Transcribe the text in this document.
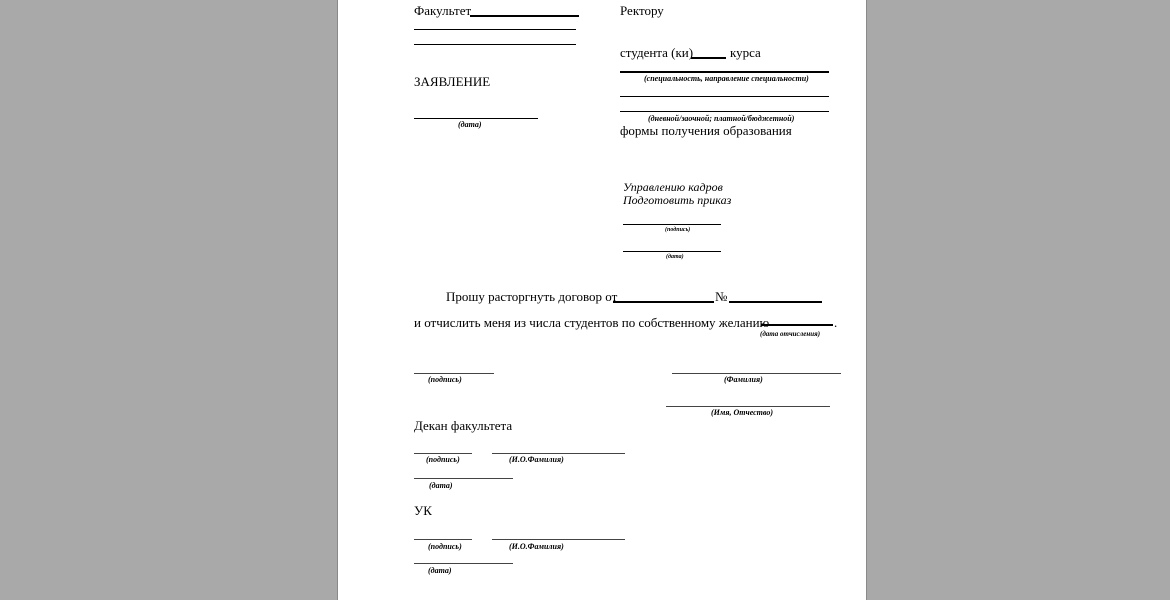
Факультет
ЗАЯВЛЕНИЕ
(дата)
Ректору
студента (ки)	курса
(специальность, направление специальности)
(дневной/заочной; платной/бюджетной)
формы получения образования
Управлению кадров
Подготовить приказ
(подпись)
(дата)
Прошу расторгнуть договор от	№
и отчислить меня из числа студентов по собственному желанию	.
(дата отчисления)
(подпись)	(Фамилия)
(Имя, Отчество)
Декан факультета
(подпись)	(И.О.Фамилия)
(дата)
УК
(подпись)	(И.О.Фамилия)
(дата)
